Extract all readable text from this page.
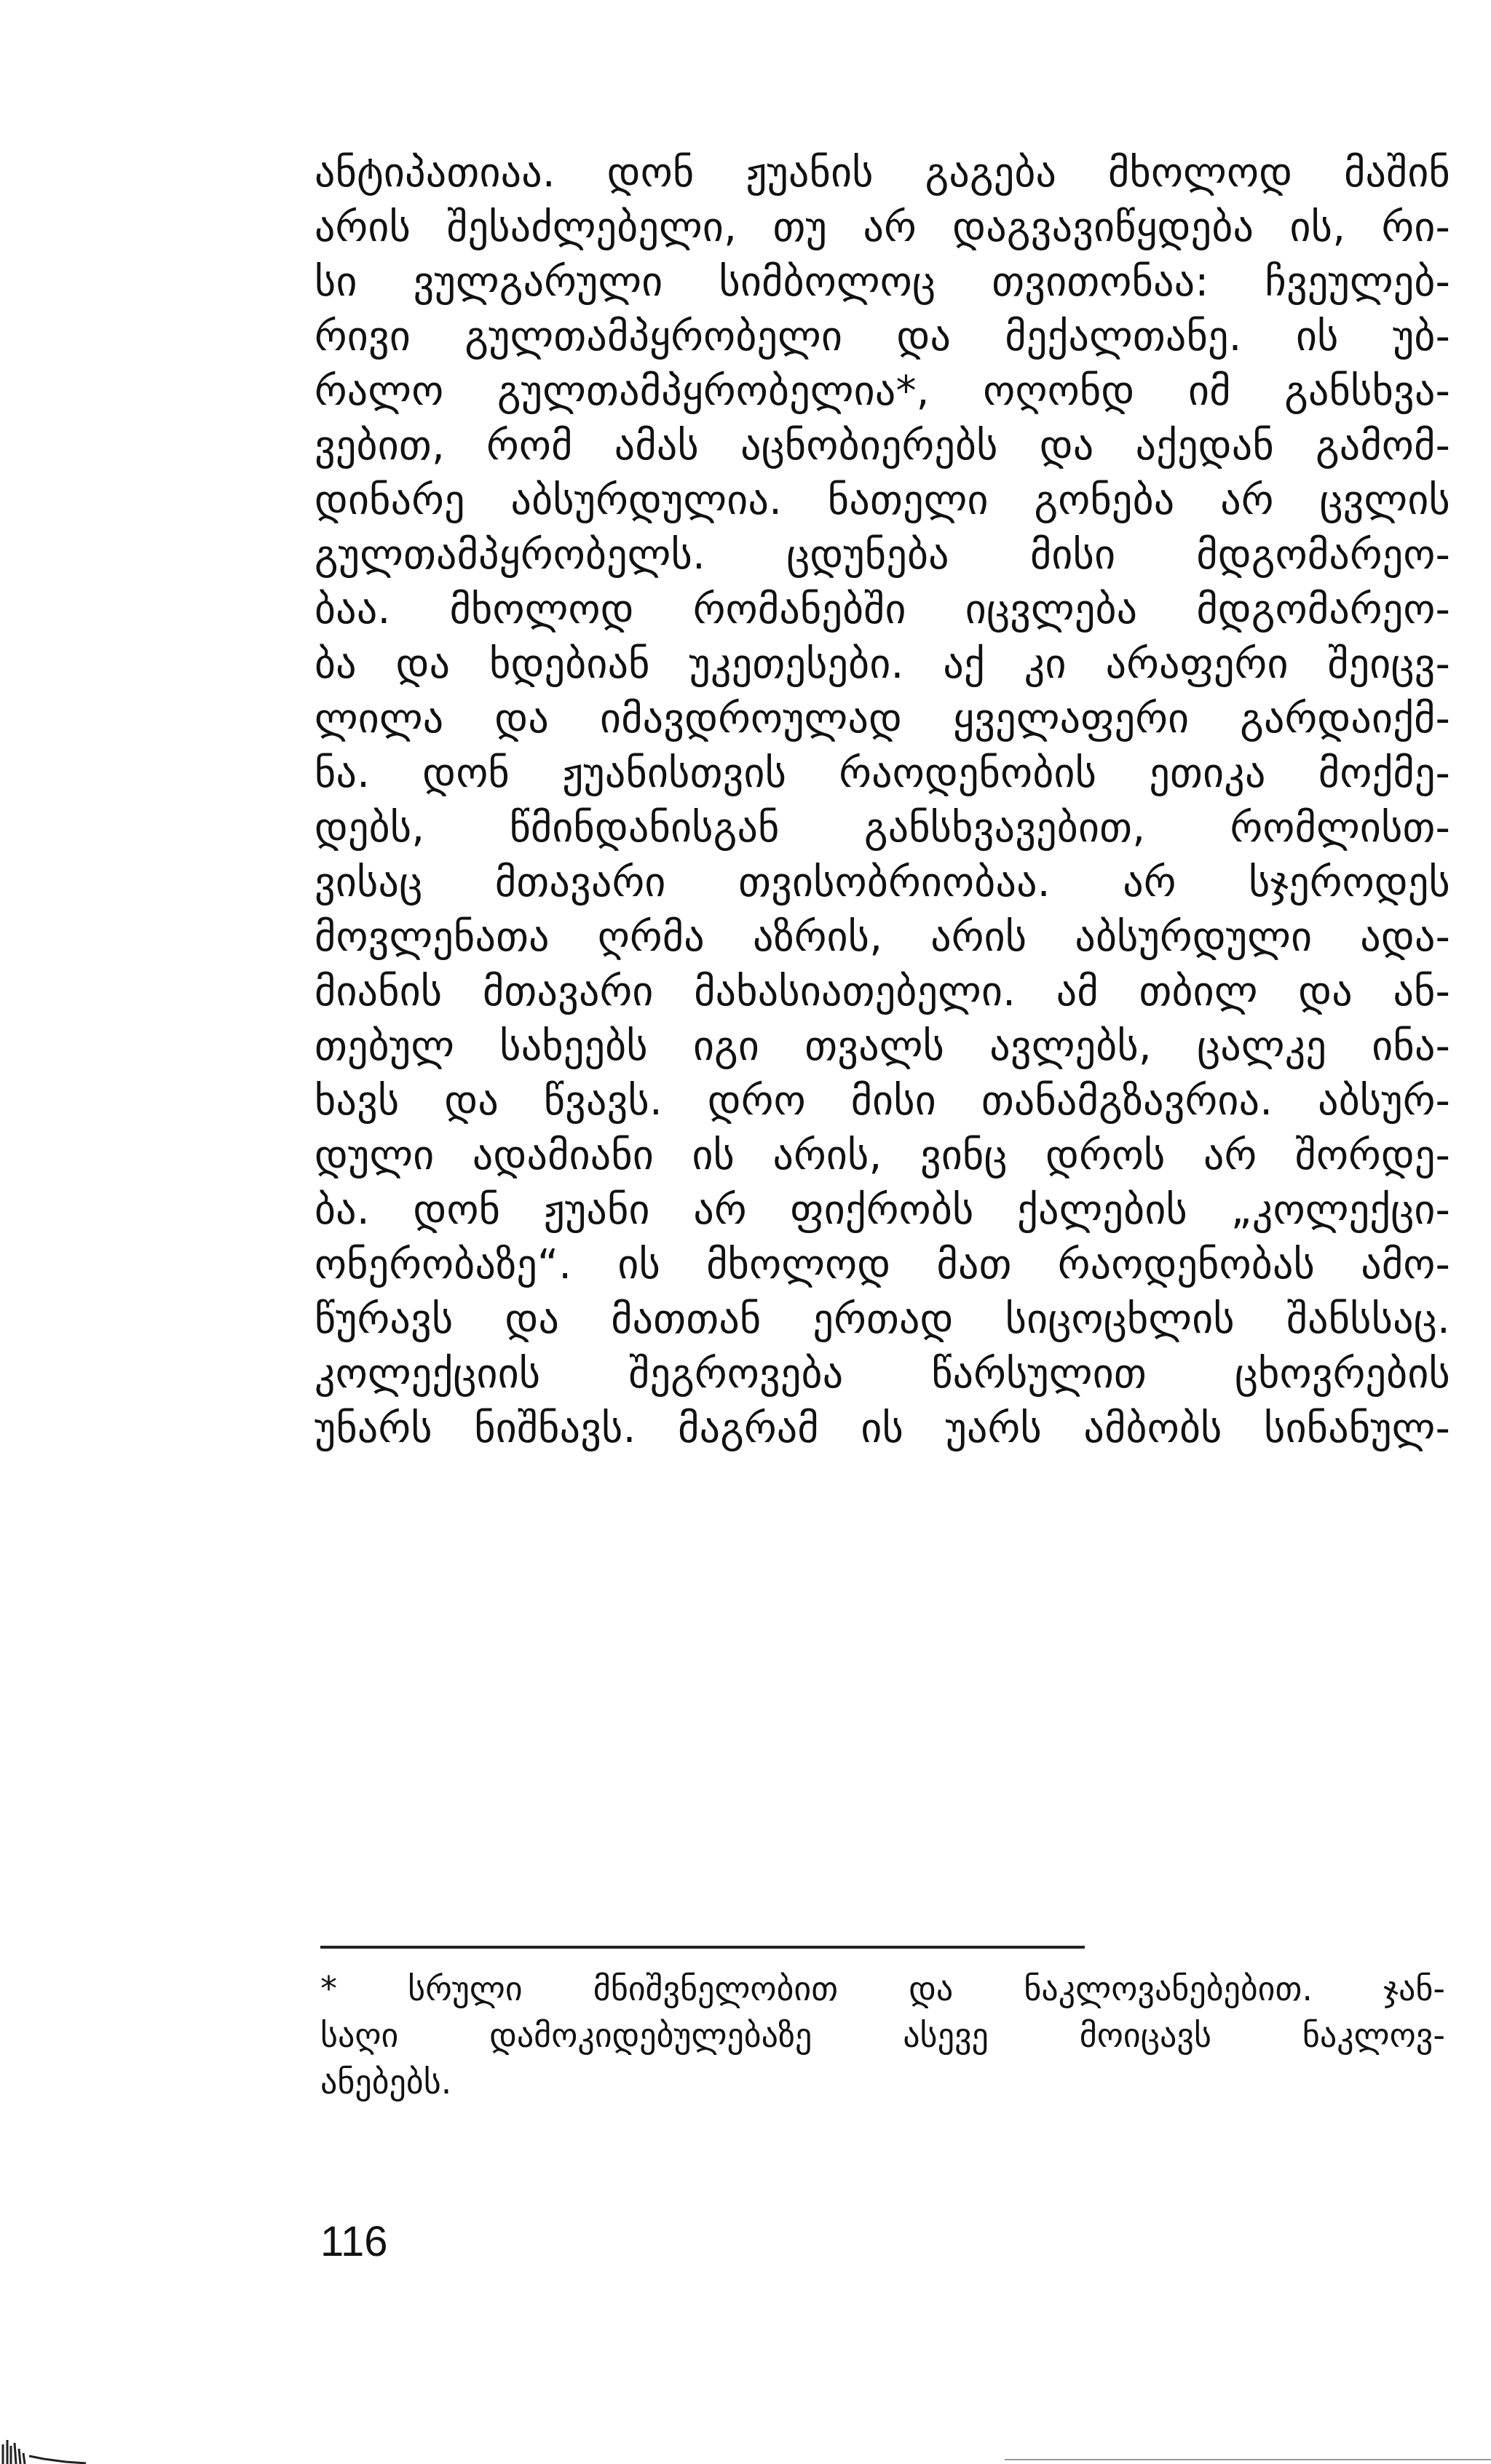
ანტიპათიაა. დონ ჟუანის გაგება მხოლოდ მაშინ
არის შესაძლებელი, თუ არ დაგვავიწყდება ის, რი-
სი ვულგარული სიმბოლოც თვითონაა: ჩვეულებ-
რივი გულთამპყრობელი და მექალთანე. ის უბ-
რალო გულთამპყრობელია*, ოღონდ იმ განსხვა-
ვებით, რომ ამას აცნობიერებს და აქედან გამომ-
დინარე აბსურდულია. ნათელი გონება არ ცვლის
გულთამპყრობელს. ცდუნება მისი მდგომარეო-
ბაა. მხოლოდ რომანებში იცვლება მდგომარეო-
ბა და ხდებიან უკეთესები. აქ კი არაფერი შეიცვ-
ლილა და იმავდროულად ყველაფერი გარდაიქმ-
ნა. დონ ჟუანისთვის რაოდენობის ეთიკა მოქმე-
დებს, წმინდანისგან განსხვავებით, რომლისთ-
ვისაც მთავარი თვისობრიობაა. არ სჯეროდეს
მოვლენათა ღრმა აზრის, არის აბსურდული ადა-
მიანის მთავარი მახასიათებელი. ამ თბილ და ან-
თებულ სახეებს იგი თვალს ავლებს, ცალკე ინა-
ხავს და წვავს. დრო მისი თანამგზავრია. აბსურ-
დული ადამიანი ის არის, ვინც დროს არ შორდე-
ბა. დონ ჟუანი არ ფიქრობს ქალების „კოლექცი-
ონერობაზე“. ის მხოლოდ მათ რაოდენობას ამო-
წურავს და მათთან ერთად სიცოცხლის შანსსაც.
კოლექციის შეგროვება წარსულით ცხოვრების
უნარს ნიშნავს. მაგრამ ის უარს ამბობს სინანულ-
* სრული მნიშვნელობით და ნაკლოვანებებით. ჯან-
საღი დამოკიდებულებაზე ასევე მოიცავს ნაკლოვ-
ანებებს.
116
